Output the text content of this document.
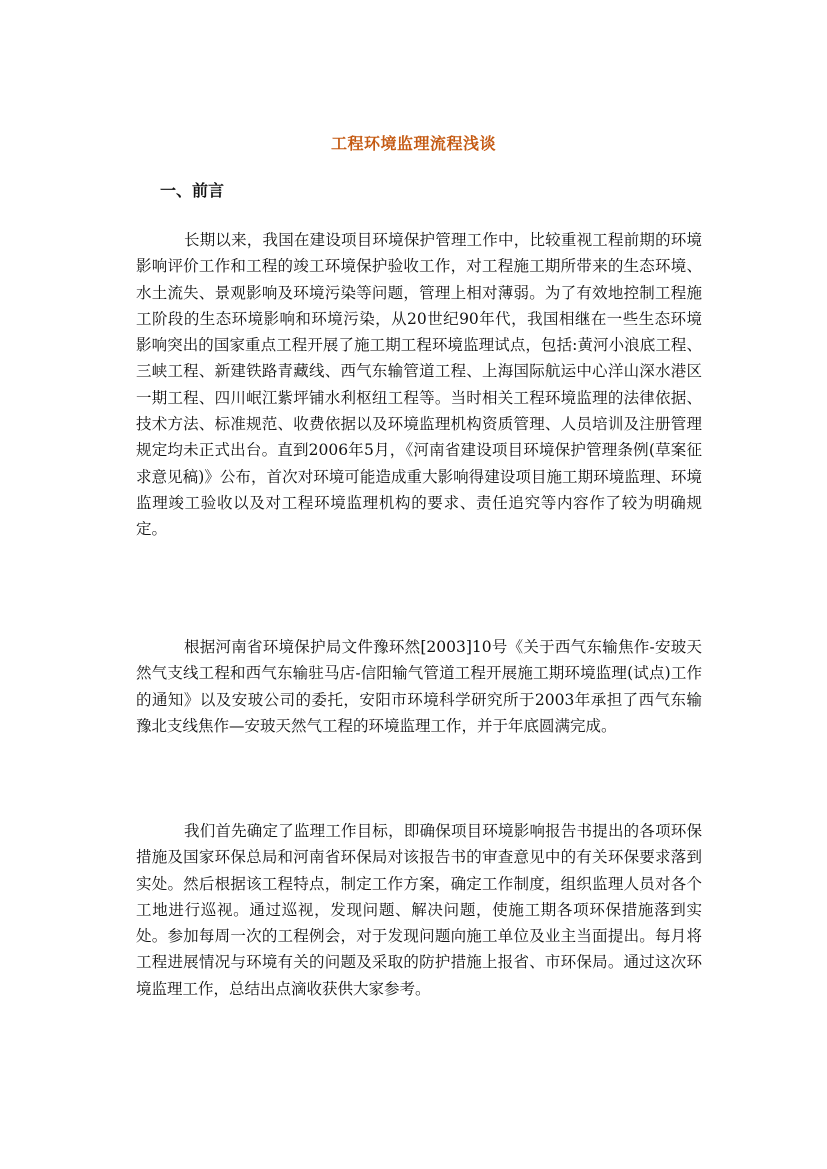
工程环境监理流程浅谈
一、前言

长期以来，我国在建设项目环境保护管理工作中，比较重视工程前期的环境影响评价工作和工程的竣工环境保护验收工作，对工程施工期所带来的生态环境、水土流失、景观影响及环境污染等问题，管理上相对薄弱。为了有效地控制工程施工阶段的生态环境影响和环境污染，从20世纪90年代，我国相继在一些生态环境影响突出的国家重点工程开展了施工期工程环境监理试点，包括:黄河小浪底工程、三峡工程、新建铁路青藏线、西气东输管道工程、上海国际航运中心洋山深水港区一期工程、四川岷江紫坪铺水利枢纽工程等。当时相关工程环境监理的法律依据、技术方法、标准规范、收费依据以及环境监理机构资质管理、人员培训及注册管理规定均未正式出台。直到2006年5月，《河南省建设项目环境保护管理条例(草案征求意见稿)》公布，首次对环境可能造成重大影响得建设项目施工期环境监理、环境监理竣工验收以及对工程环境监理机构的要求、责任追究等内容作了较为明确规定。

根据河南省环境保护局文件豫环然[2003]10号《关于西气东输焦作-安玻天然气支线工程和西气东输驻马店-信阳输气管道工程开展施工期环境监理(试点)工作的通知》以及安玻公司的委托，安阳市环境科学研究所于2003年承担了西气东输豫北支线焦作—安玻天然气工程的环境监理工作，并于年底圆满完成。

我们首先确定了监理工作目标，即确保项目环境影响报告书提出的各项环保措施及国家环保总局和河南省环保局对该报告书的审查意见中的有关环保要求落到实处。然后根据该工程特点，制定工作方案，确定工作制度，组织监理人员对各个工地进行巡视。通过巡视，发现问题、解决问题，使施工期各项环保措施落到实处。参加每周一次的工程例会，对于发现问题向施工单位及业主当面提出。每月将工程进展情况与环境有关的问题及采取的防护措施上报省、市环保局。通过这次环境监理工作，总结出点滴收获供大家参考。
